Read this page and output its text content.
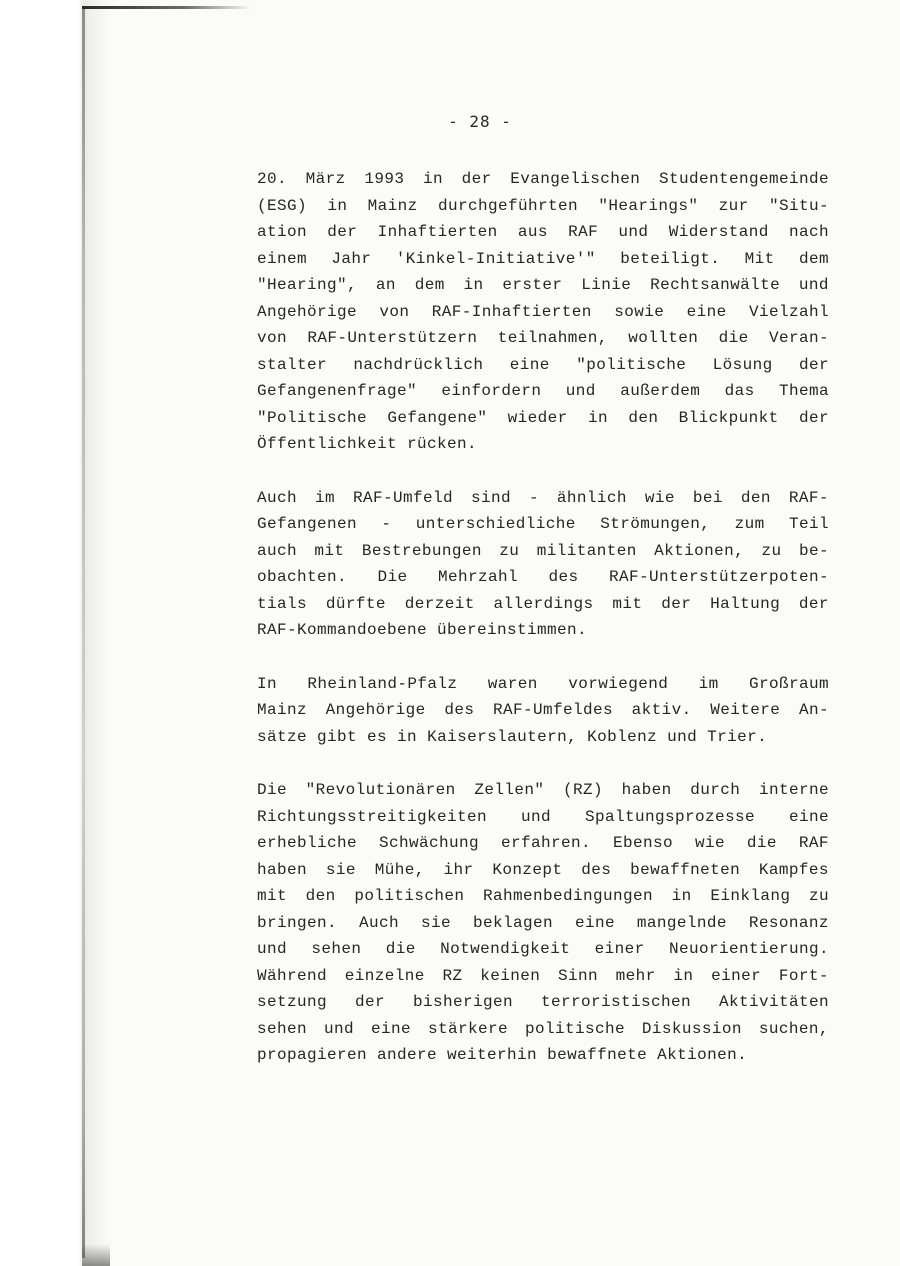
- 28 -
20. März 1993 in der Evangelischen Studentengemeinde
(ESG) in Mainz durchgeführten "Hearings" zur "Situ-
ation der Inhaftierten aus RAF und Widerstand nach
einem Jahr 'Kinkel-Initiative'" beteiligt. Mit dem
"Hearing", an dem in erster Linie Rechtsanwälte und
Angehörige von RAF-Inhaftierten sowie eine Vielzahl
von RAF-Unterstützern teilnahmen, wollten die Veran-
stalter nachdrücklich eine "politische Lösung der
Gefangenenfrage" einfordern und außerdem das Thema
"Politische Gefangene" wieder in den Blickpunkt der
Öffentlichkeit rücken.
Auch im RAF-Umfeld sind - ähnlich wie bei den RAF-
Gefangenen - unterschiedliche Strömungen, zum Teil
auch mit Bestrebungen zu militanten Aktionen, zu be-
obachten. Die Mehrzahl des RAF-Unterstützerpoten-
tials dürfte derzeit allerdings mit der Haltung der
RAF-Kommandoebene übereinstimmen.
In Rheinland-Pfalz waren vorwiegend im Großraum
Mainz Angehörige des RAF-Umfeldes aktiv. Weitere An-
sätze gibt es in Kaiserslautern, Koblenz und Trier.
Die "Revolutionären Zellen" (RZ) haben durch interne
Richtungsstreitigkeiten und Spaltungsprozesse eine
erhebliche Schwächung erfahren. Ebenso wie die RAF
haben sie Mühe, ihr Konzept des bewaffneten Kampfes
mit den politischen Rahmenbedingungen in Einklang zu
bringen. Auch sie beklagen eine mangelnde Resonanz
und sehen die Notwendigkeit einer Neuorientierung.
Während einzelne RZ keinen Sinn mehr in einer Fort-
setzung der bisherigen terroristischen Aktivitäten
sehen und eine stärkere politische Diskussion suchen,
propagieren andere weiterhin bewaffnete Aktionen.
